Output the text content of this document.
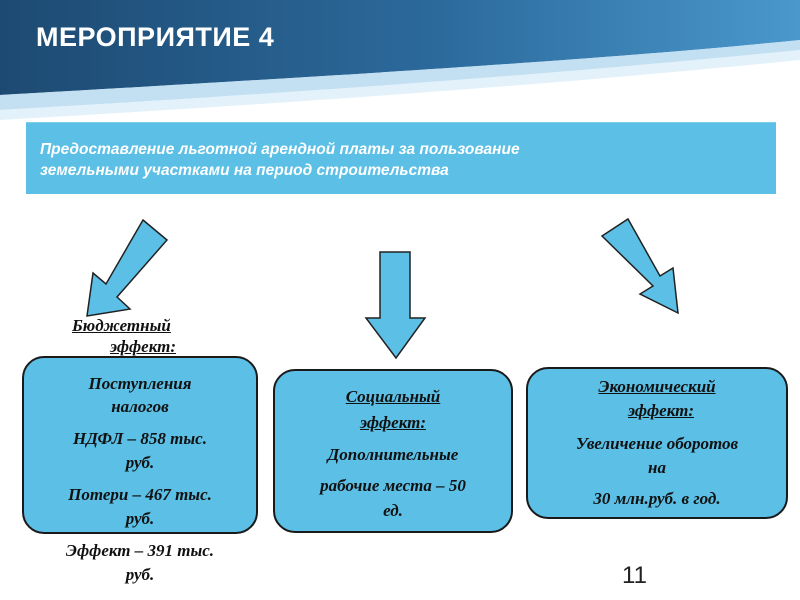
МЕРОПРИЯТИЕ 4
Предоставление льготной арендной платы за пользование
земельными участками на период строительства
Бюджетный
эффект:
Поступления
налогов
НДФЛ – 858 тыс.
руб.
Потери – 467 тыс.
руб.
Эффект – 391 тыс.
руб.
Социальный
эффект:
Дополнительные
рабочие места – 50
ед.
Экономический
эффект:
Увеличение оборотов
на
30 млн.руб. в год.
11
